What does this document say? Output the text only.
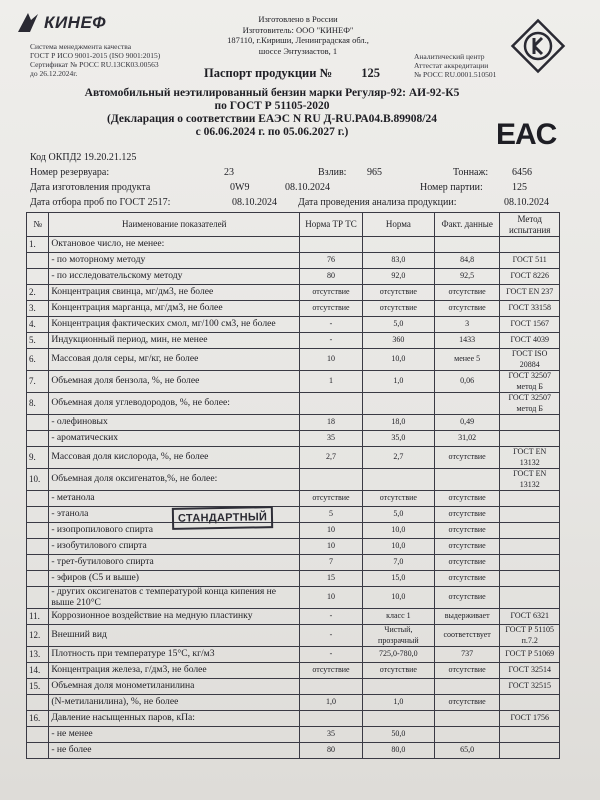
КИНЕФ
Система менеджмента качества
ГОСТ Р ИСО 9001-2015 (ISO 9001:2015)
Сертификат № РОСС RU.13СК03.00563
до 26.12.2024г.
Изготовлено в России
Изготовитель: ООО "КИНЕФ"
187110, г.Кириши, Ленинградская обл.,
шоссе Энтузиастов, 1
Аналитический центр
Аттестат аккредитации
№ РОСС RU.0001.510501
Паспорт продукции № 125
Автомобильный неэтилированный бензин марки Регуляр-92: АИ-92-К5
по ГОСТ Р 51105-2020
(Декларация о соответствии ЕАЭС N RU Д-RU.РА04.В.89908/24
с 06.06.2024 г. по 05.06.2027 г.)	EAC
Код ОКПД2 19.20.21.125
Номер резервуара:	23	Взлив: 965	Тоннаж: 6456
Дата изготовления продукта	0W9	08.10.2024	Номер партии:	125
Дата отбора проб по ГОСТ 2517:	08.10.2024 Дата проведения анализа продукции:	08.10.2024
№	Наименование показателей	Норма ТР ТС	Норма	Факт. данные	Метод испытания
1.	Октановое число, не менее:				
	- по моторному методу	76	83,0	84,8	ГОСТ 511
	- по исследовательскому методу	80	92,0	92,5	ГОСТ 8226
2.	Концентрация свинца, мг/дм3, не более	отсутствие	отсутствие	отсутствие	ГОСТ EN 237
3.	Концентрация марганца, мг/дм3, не более	отсутствие	отсутствие	отсутствие	ГОСТ 33158
4.	Концентрация фактических смол, мг/100 см3, не более	-	5,0	3	ГОСТ 1567
5.	Индукционный период, мин, не менее	-	360	1433	ГОСТ 4039
6.	Массовая доля серы, мг/кг, не более	10	10,0	менее 5	ГОСТ ISO 20884
7.	Объемная доля бензола, %, не более	1	1,0	0,06	ГОСТ 32507 метод Б
8.	Объемная доля углеводородов, %, не более:				ГОСТ 32507 метод Б
	- олефиновых	18	18,0	0,49	
	- ароматических	35	35,0	31,02	
9.	Массовая доля кислорода, %, не более	2,7	2,7	отсутствие	ГОСТ EN 13132
10.	Объемная доля оксигенатов,%, не более:				ГОСТ EN 13132
	- метанола	отсутствие	отсутствие	отсутствие	
	- этанола	5	5,0	отсутствие	
	- изопропилового спирта	10	10,0	отсутствие	
	- изобутилового спирта	10	10,0	отсутствие	
	- трет-бутилового спирта	7	7,0	отсутствие	
	- эфиров (С5 и выше)	15	15,0	отсутствие	
	- других оксигенатов с температурой конца кипения не выше 210°С	10	10,0	отсутствие	
11.	Коррозионное воздействие на медную пластинку	-	класс 1	выдерживает	ГОСТ 6321
12.	Внешний вид	-	Чистый, прозрачный	соответствует	ГОСТ Р 51105 п.7.2
13.	Плотность при температуре 15°С, кг/м3	-	725,0-780,0	737	ГОСТ Р 51069
14.	Концентрация железа, г/дм3, не более	отсутствие	отсутствие	отсутствие	ГОСТ 32514
15.	Объемная доля монометиланилина				ГОСТ 32515
	(N-метиланилина), %, не более	1,0	1,0	отсутствие	
16.	Давление насыщенных паров, кПа:				ГОСТ 1756
	- не менее	35	50,0		
	- не более	80	80,0	65,0	
СТАНДАРТНЫЙ
